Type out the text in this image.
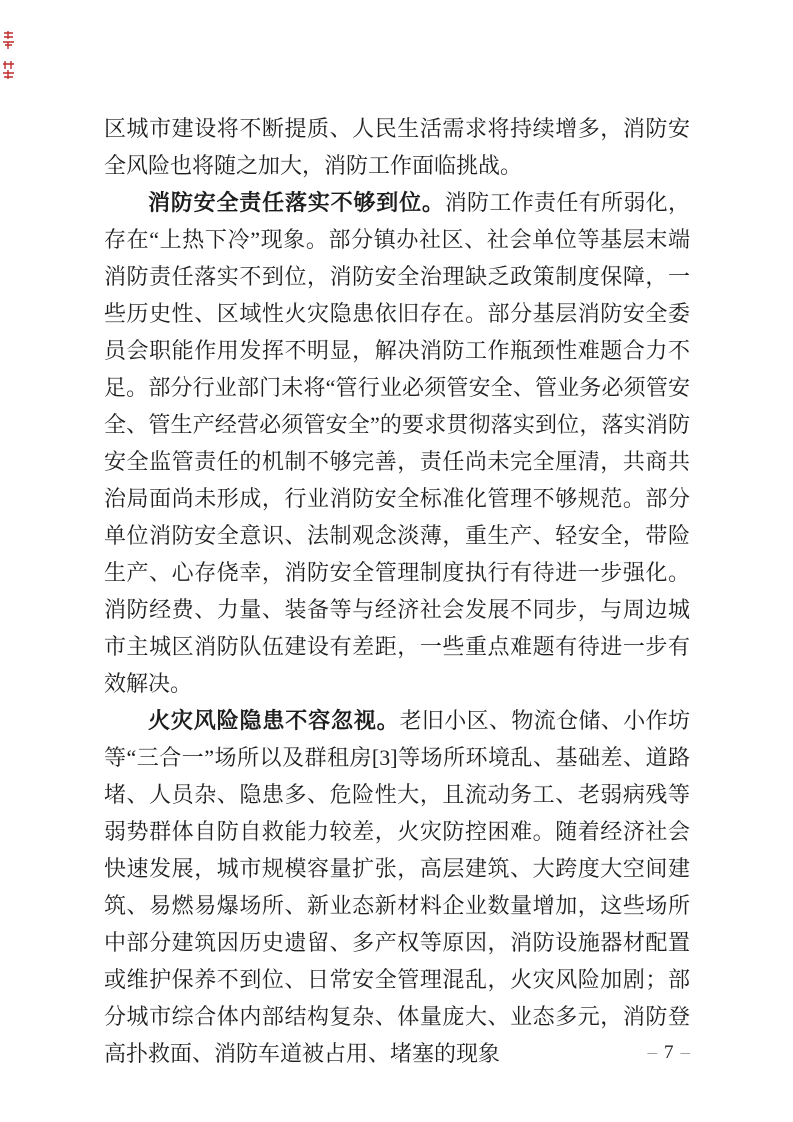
区城市建设将不断提质、人民生活需求将持续增多，消防安全风险也将随之加大，消防工作面临挑战。

消防安全责任落实不够到位。消防工作责任有所弱化，存在“上热下冷”现象。部分镇办社区、社会单位等基层末端消防责任落实不到位，消防安全治理缺乏政策制度保障，一些历史性、区域性火灾隐患依旧存在。部分基层消防安全委员会职能作用发挥不明显，解决消防工作瓶颈性难题合力不足。部分行业部门未将“管行业必须管安全、管业务必须管安全、管生产经营必须管安全”的要求贯彻落实到位，落实消防安全监管责任的机制不够完善，责任尚未完全厘清，共商共治局面尚未形成，行业消防安全标准化管理不够规范。部分单位消防安全意识、法制观念淡薄，重生产、轻安全，带险生产、心存侥幸，消防安全管理制度执行有待进一步强化。消防经费、力量、装备等与经济社会发展不同步，与周边城市主城区消防队伍建设有差距，一些重点难题有待进一步有效解决。

火灾风险隐患不容忽视。老旧小区、物流仓储、小作坊等“三合一”场所以及群租房[3]等场所环境乱、基础差、道路堵、人员杂、隐患多、危险性大，且流动务工、老弱病残等弱势群体自防自救能力较差，火灾防控困难。随着经济社会快速发展，城市规模容量扩张，高层建筑、大跨度大空间建筑、易燃易爆场所、新业态新材料企业数量增加，这些场所中部分建筑因历史遗留、多产权等原因，消防设施器材配置或维护保养不到位、日常安全管理混乱，火灾风险加剧；部分城市综合体内部结构复杂、体量庞大、业态多元，消防登高扑救面、消防车道被占用、堵塞的现象	– 7 –
